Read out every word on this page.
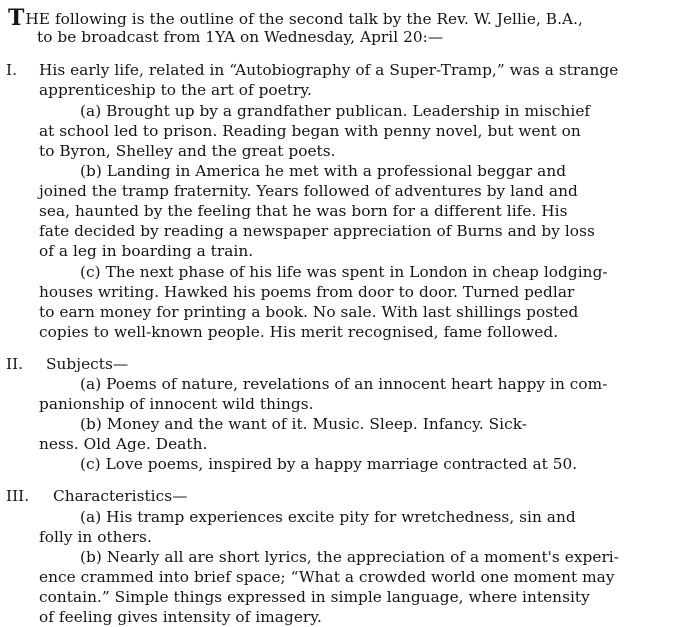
THE following is the outline of the second talk by the Rev. W. Jellie, B.A.,
to be broadcast from 1YA on Wednesday, April 20:—
I. His early life, related in “Autobiography of a Super-Tramp,” was a strange
apprenticeship to the art of poetry.
(a) Brought up by a grandfather publican. Leadership in mischief
at school led to prison. Reading began with penny novel, but went on
to Byron, Shelley and the great poets.
(b) Landing in America he met with a professional beggar and
joined the tramp fraternity. Years followed of adventures by land and
sea, haunted by the feeling that he was born for a different life. His
fate decided by reading a newspaper appreciation of Burns and by loss
of a leg in boarding a train.
(c) The next phase of his life was spent in London in cheap lodging-
houses writing. Hawked his poems from door to door. Turned pedlar
to earn money for printing a book. No sale. With last shillings posted
copies to well-known people. His merit recognised, fame followed.
II. Subjects—
(a) Poems of nature, revelations of an innocent heart happy in com-
panionship of innocent wild things.
(b) Money and the want of it. Music. Sleep. Infancy. Sick-
ness. Old Age. Death.
(c) Love poems, inspired by a happy marriage contracted at 50.
III. Characteristics—
(a) His tramp experiences excite pity for wretchedness, sin and
folly in others.
(b) Nearly all are short lyrics, the appreciation of a moment's experi-
ence crammed into brief space; “What a crowded world one moment may
contain.” Simple things expressed in simple language, where intensity
of feeling gives intensity of imagery.
